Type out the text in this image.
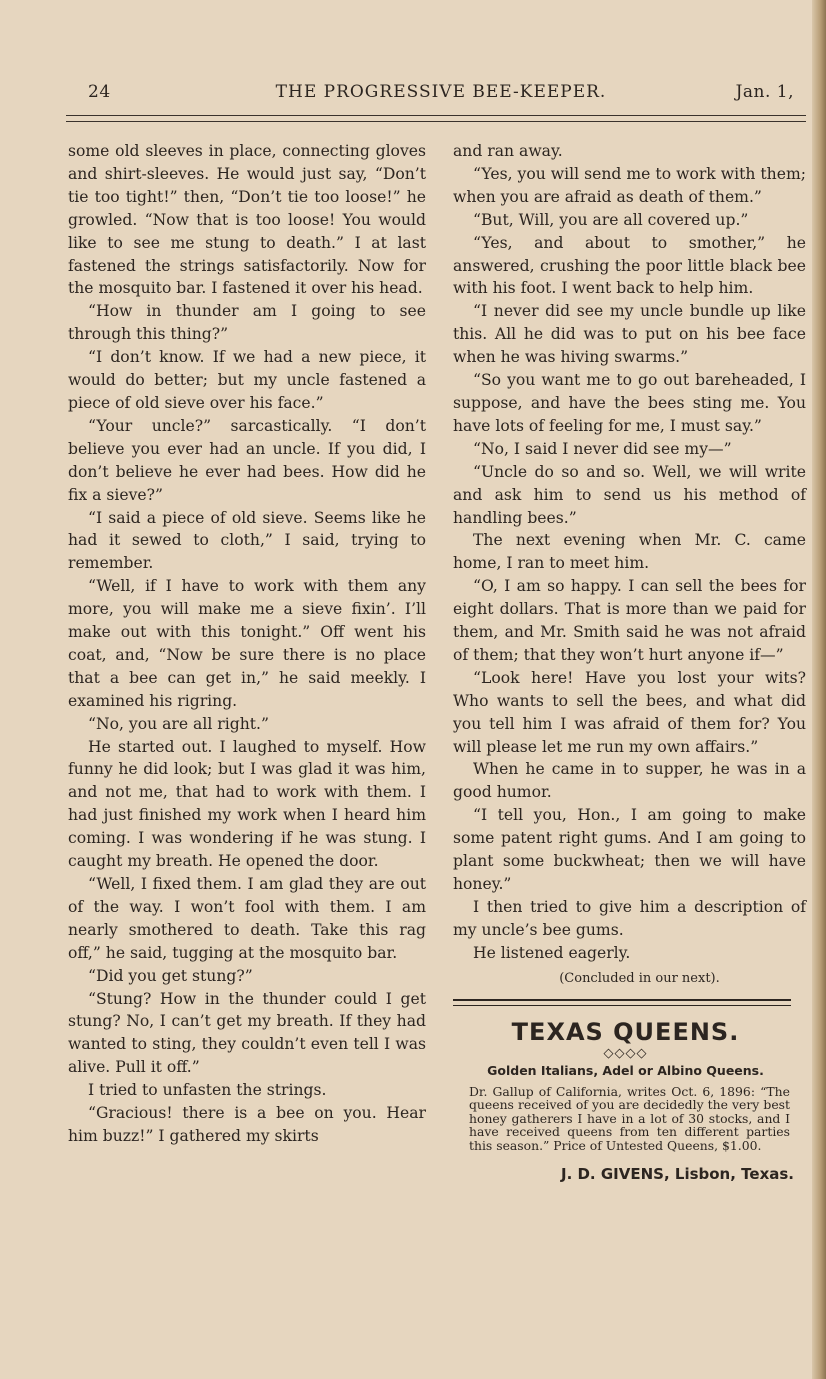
24	THE PROGRESSIVE BEE-KEEPER.	Jan. 1,

some old sleeves in place, connecting gloves and shirt-sleeves. He would just say, “Don’t tie too tight!” then, “Don’t tie too loose!” he growled. “Now that is too loose! You would like to see me stung to death.” I at last fastened the strings satisfactorily. Now for the mosquito bar. I fastened it over his head.

“How in thunder am I going to see through this thing?”

“I don’t know. If we had a new piece, it would do better; but my uncle fastened a piece of old sieve over his face.”

“Your uncle?” sarcastically. “I don’t believe you ever had an uncle. If you did, I don’t believe he ever had bees. How did he fix a sieve?”

“I said a piece of old sieve. Seems like he had it sewed to cloth,” I said, trying to remember.

“Well, if I have to work with them any more, you will make me a sieve fixin’. I’ll make out with this tonight.” Off went his coat, and, “Now be sure there is no place that a bee can get in,” he said meekly. I examined his rigring.

“No, you are all right.”

He started out. I laughed to myself. How funny he did look; but I was glad it was him, and not me, that had to work with them. I had just finished my work when I heard him coming. I was wondering if he was stung. I caught my breath. He opened the door.

“Well, I fixed them. I am glad they are out of the way. I won’t fool with them. I am nearly smothered to death. Take this rag off,” he said, tugging at the mosquito bar.

“Did you get stung?”

“Stung? How in the thunder could I get stung? No, I can’t get my breath. If they had wanted to sting, they couldn’t even tell I was alive. Pull it off.”

I tried to unfasten the strings.

“Gracious! there is a bee on you. Hear him buzz!” I gathered my skirts

and ran away.

“Yes, you will send me to work with them; when you are afraid as death of them.”

“But, Will, you are all covered up.”

“Yes, and about to smother,” he answered, crushing the poor little black bee with his foot. I went back to help him.

“I never did see my uncle bundle up like this. All he did was to put on his bee face when he was hiving swarms.”

“So you want me to go out bareheaded, I suppose, and have the bees sting me. You have lots of feeling for me, I must say.”

“No, I said I never did see my—”

“Uncle do so and so. Well, we will write and ask him to send us his method of handling bees.”

The next evening when Mr. C. came home, I ran to meet him.

“O, I am so happy. I can sell the bees for eight dollars. That is more than we paid for them, and Mr. Smith said he was not afraid of them; that they won’t hurt anyone if—”

“Look here! Have you lost your wits? Who wants to sell the bees, and what did you tell him I was afraid of them for? You will please let me run my own affairs.”

When he came in to supper, he was in a good humor.

“I tell you, Hon., I am going to make some patent right gums. And I am going to plant some buckwheat; then we will have honey.”

I then tried to give him a description of my uncle’s bee gums.

He listened eagerly.

(Concluded in our next).
TEXAS QUEENS.
◇◇◇◇
Golden Italians, Adel or Albino Queens.
Dr. Gallup of California, writes Oct. 6, 1896: “The queens received of you are decidedly the very best honey gatherers I have in a lot of 30 stocks, and I have received queens from ten different parties this season.” Price of Untested Queens, $1.00.
J. D. GIVENS, Lisbon, Texas.
